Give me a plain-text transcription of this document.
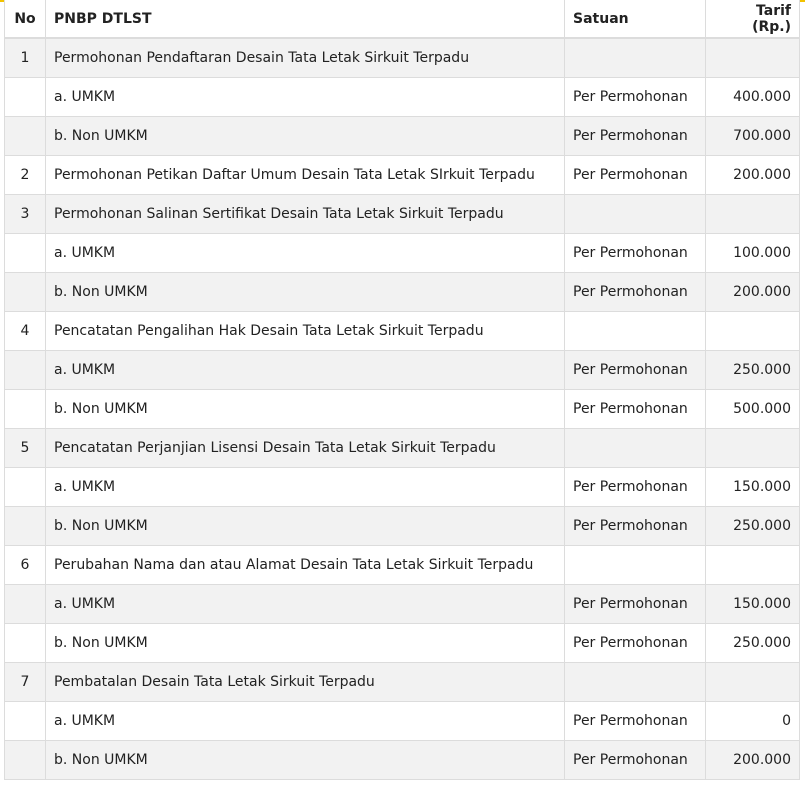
No	PNBP DTLST	Satuan	Tarif (Rp.)
1	Permohonan Pendaftaran Desain Tata Letak Sirkuit Terpadu		
	a. UMKM	Per Permohonan	400.000
	b. Non UMKM	Per Permohonan	700.000
2	Permohonan Petikan Daftar Umum Desain Tata Letak SIrkuit Terpadu	Per Permohonan	200.000
3	Permohonan Salinan Sertifikat Desain Tata Letak Sirkuit Terpadu		
	a. UMKM	Per Permohonan	100.000
	b. Non UMKM	Per Permohonan	200.000
4	Pencatatan Pengalihan Hak Desain Tata Letak Sirkuit Terpadu		
	a. UMKM	Per Permohonan	250.000
	b. Non UMKM	Per Permohonan	500.000
5	Pencatatan Perjanjian Lisensi Desain Tata Letak Sirkuit Terpadu		
	a. UMKM	Per Permohonan	150.000
	b. Non UMKM	Per Permohonan	250.000
6	Perubahan Nama dan atau Alamat Desain Tata Letak Sirkuit Terpadu		
	a. UMKM	Per Permohonan	150.000
	b. Non UMKM	Per Permohonan	250.000
7	Pembatalan Desain Tata Letak Sirkuit Terpadu		
	a. UMKM	Per Permohonan	0
	b. Non UMKM	Per Permohonan	200.000
